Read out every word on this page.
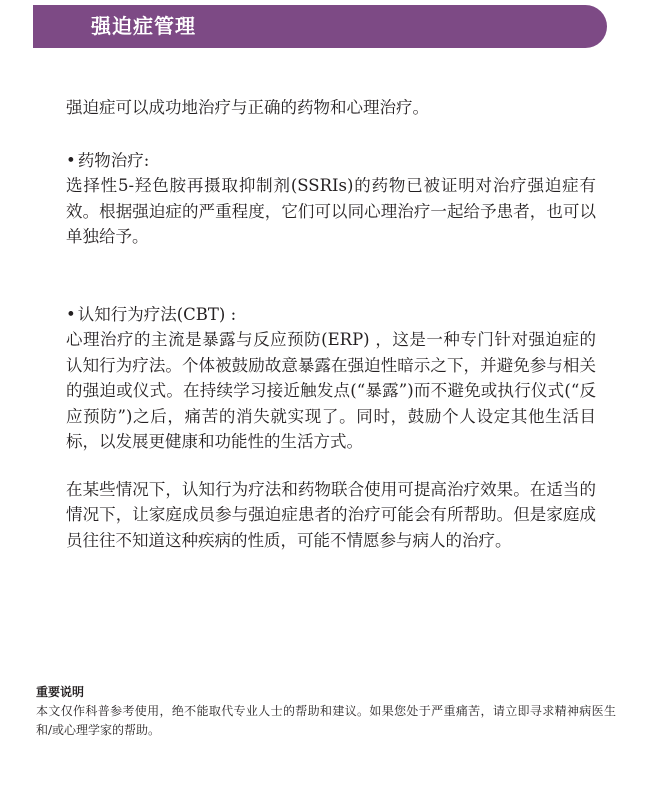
强迫症管理

强迫症可以成功地治疗与正确的药物和心理治疗。

• 药物治疗:

选择性5-羟色胺再摄取抑制剂(SSRIs)的药物已被证明对治疗强迫症有效。根据强迫症的严重程度，它们可以同心理治疗一起给予患者，也可以单独给予。

• 认知行为疗法(CBT) :

心理治疗的主流是暴露与反应预防(ERP) ，这是一种专门针对强迫症的认知行为疗法。个体被鼓励故意暴露在强迫性暗示之下，并避免参与相关的强迫或仪式。在持续学习接近触发点(“暴露”)而不避免或执行仪式(“反应预防”)之后，痛苦的消失就实现了。同时，鼓励个人设定其他生活目标，以发展更健康和功能性的生活方式。

在某些情况下，认知行为疗法和药物联合使用可提高治疗效果。在适当的情况下，让家庭成员参与强迫症患者的治疗可能会有所帮助。但是家庭成员往往不知道这种疾病的性质，可能不情愿参与病人的治疗。

重要说明

本文仅作科普参考使用，绝不能取代专业人士的帮助和建议。如果您处于严重痛苦，请立即寻求精神病医生和/或心理学家的帮助。
